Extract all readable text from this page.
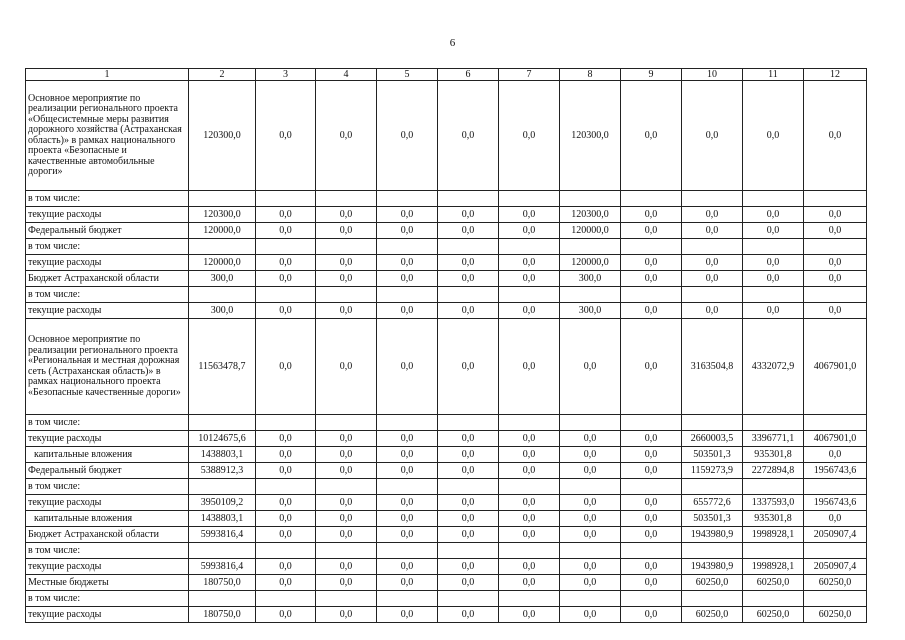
6
1	2	3	4	5	6	7	8	9	10	11	12
Основное мероприятие по реализации регионального проекта «Общесистемные меры развития дорожного хозяйства (Астраханская область)» в рамках национального проекта «Безопасные и качественные автомобильные дороги»	120300,0	0,0	0,0	0,0	0,0	0,0	120300,0	0,0	0,0	0,0	0,0
в том числе:											
текущие расходы	120300,0	0,0	0,0	0,0	0,0	0,0	120300,0	0,0	0,0	0,0	0,0
Федеральный бюджет	120000,0	0,0	0,0	0,0	0,0	0,0	120000,0	0,0	0,0	0,0	0,0
в том числе:											
текущие расходы	120000,0	0,0	0,0	0,0	0,0	0,0	120000,0	0,0	0,0	0,0	0,0
Бюджет Астраханской области	300,0	0,0	0,0	0,0	0,0	0,0	300,0	0,0	0,0	0,0	0,0
в том числе:											
текущие расходы	300,0	0,0	0,0	0,0	0,0	0,0	300,0	0,0	0,0	0,0	0,0
Основное мероприятие по реализации регионального проекта «Региональная и местная дорожная сеть (Астраханская область)» в рамках национального проекта «Безопасные качественные дороги»	11563478,7	0,0	0,0	0,0	0,0	0,0	0,0	0,0	3163504,8	4332072,9	4067901,0
в том числе:											
текущие расходы	10124675,6	0,0	0,0	0,0	0,0	0,0	0,0	0,0	2660003,5	3396771,1	4067901,0
капитальные вложения	1438803,1	0,0	0,0	0,0	0,0	0,0	0,0	0,0	503501,3	935301,8	0,0
Федеральный бюджет	5388912,3	0,0	0,0	0,0	0,0	0,0	0,0	0,0	1159273,9	2272894,8	1956743,6
в том числе:											
текущие расходы	3950109,2	0,0	0,0	0,0	0,0	0,0	0,0	0,0	655772,6	1337593,0	1956743,6
капитальные вложения	1438803,1	0,0	0,0	0,0	0,0	0,0	0,0	0,0	503501,3	935301,8	0,0
Бюджет Астраханской области	5993816,4	0,0	0,0	0,0	0,0	0,0	0,0	0,0	1943980,9	1998928,1	2050907,4
в том числе:											
текущие расходы	5993816,4	0,0	0,0	0,0	0,0	0,0	0,0	0,0	1943980,9	1998928,1	2050907,4
Местные бюджеты	180750,0	0,0	0,0	0,0	0,0	0,0	0,0	0,0	60250,0	60250,0	60250,0
в том числе:											
текущие расходы	180750,0	0,0	0,0	0,0	0,0	0,0	0,0	0,0	60250,0	60250,0	60250,0
